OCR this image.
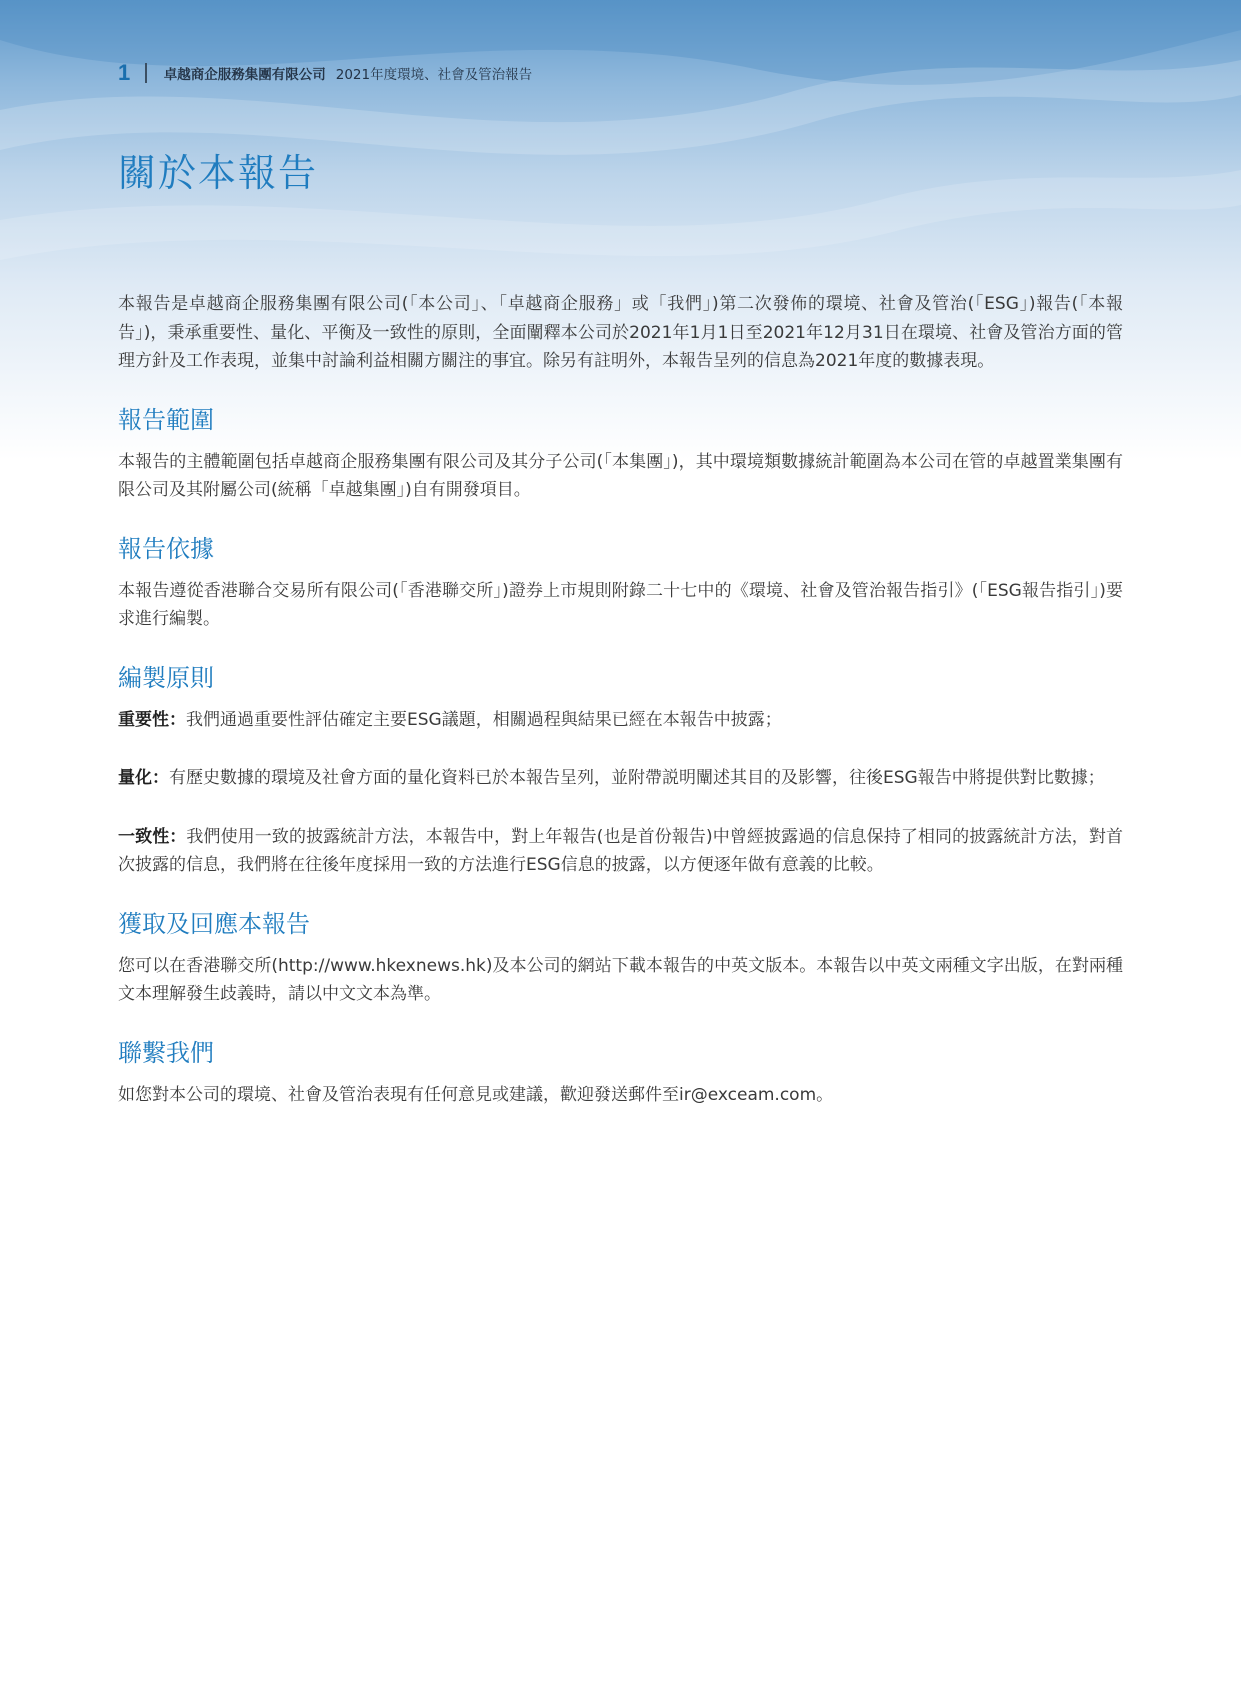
1 卓越商企服務集團有限公司 2021年度環境、社會及管治報告
關於本報告

本報告是卓越商企服務集團有限公司(「本公司」、「卓越商企服務」或「我們」)第二次發佈的環境、社會及管治(「ESG」)報告(「本報告」)，秉承重要性、量化、平衡及一致性的原則，全面闡釋本公司於2021年1月1日至2021年12月31日在環境、社會及管治方面的管理方針及工作表現，並集中討論利益相關方關注的事宜。除另有註明外，本報告呈列的信息為2021年度的數據表現。

報告範圍

本報告的主體範圍包括卓越商企服務集團有限公司及其分子公司(「本集團」)，其中環境類數據統計範圍為本公司在管的卓越置業集團有限公司及其附屬公司(統稱「卓越集團」)自有開發項目。

報告依據

本報告遵從香港聯合交易所有限公司(「香港聯交所」)證券上市規則附錄二十七中的《環境、社會及管治報告指引》(「ESG報告指引」)要求進行編製。

編製原則

重要性：我們通過重要性評估確定主要ESG議題，相關過程與結果已經在本報告中披露；

量化：有歷史數據的環境及社會方面的量化資料已於本報告呈列，並附帶説明闡述其目的及影響，往後ESG報告中將提供對比數據；

一致性：我們使用一致的披露統計方法，本報告中，對上年報告(也是首份報告)中曾經披露過的信息保持了相同的披露統計方法，對首次披露的信息，我們將在往後年度採用一致的方法進行ESG信息的披露，以方便逐年做有意義的比較。

獲取及回應本報告

您可以在香港聯交所(http://www.hkexnews.hk)及本公司的網站下載本報告的中英文版本。本報告以中英文兩種文字出版，在對兩種文本理解發生歧義時，請以中文文本為準。

聯繫我們

如您對本公司的環境、社會及管治表現有任何意見或建議，歡迎發送郵件至ir@exceam.com。
